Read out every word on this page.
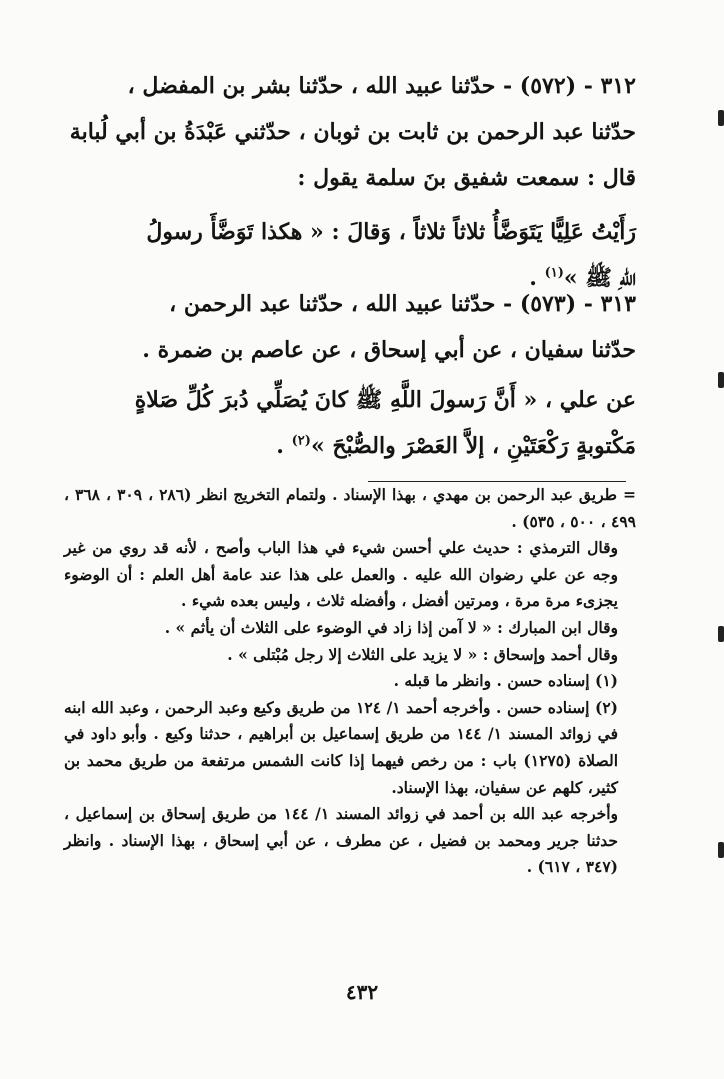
٣١٢ - (٥٧٢) - حدّثنا عبيد الله ، حدّثنا بشر بن المفضل ،

حدّثنا عبد الرحمن بن ثابت بن ثوبان ، حدّثني عَبْدَةُ بن أبي لُبابة

قال : سمعت شفيق بنَ سلمة يقول :

رَأَيْتُ عَلِيًّا يَتَوَضَّأُ ثلاثاً ثلاثاً ، وَقالَ : « هكذا تَوَضَّأَ رسولُ

اللّهِ ﷺ »$^{(١)}$ .

٣١٣ - (٥٧٣) - حدّثنا عبيد الله ، حدّثنا عبد الرحمن ،

حدّثنا سفيان ، عن أبي إسحاق ، عن عاصم بن ضمرة .

عن علي ، « أَنَّ رَسولَ اللَّهِ ﷺ كانَ يُصَلِّي دُبرَ كُلِّ صَلاةٍ

مَكْتوبةٍ رَكْعَتَيْنِ ، إلاَّ العَصْرَ والصُّبْحَ »$^{(٢)}$ .

= طريق عبد الرحمن بن مهدي ، بهذا الإسناد . ولتمام التخريج انظر (٢٨٦ ، ٣٠٩ ، ٣٦٨ ، ٤٩٩ ، ٥٠٠ ، ٥٣٥) .

وقال الترمذي : حديث علي أحسن شيء في هذا الباب وأصح ، لأنه قد روي من غير وجه عن علي رضوان الله عليه . والعمل على هذا عند عامة أهل العلم : أن الوضوء يجزىء مرة مرة ، ومرتين أفضل ، وأفضله ثلاث ، وليس بعده شيء .

وقال ابن المبارك : « لا آمن إذا زاد في الوضوء على الثلاث أن يأثم » .

وقال أحمد وإسحاق : « لا يزيد على الثلاث إلا رجل مُبْتلى » .

(١) إسناده حسن . وانظر ما قبله .

(٢) إسناده حسن . وأخرجه أحمد ١/ ١٢٤ من طريق وكيع وعبد الرحمن ، وعبد الله ابنه في زوائد المسند ١/ ١٤٤ من طريق إسماعيل بن أبراهيم ، حدثنا وكيع . وأبو داود في الصلاة (١٢٧٥) باب : من رخص فيهما إذا كانت الشمس مرتفعة من طريق محمد بن كثير، كلهم عن سفيان، بهذا الإسناد.

وأخرجه عبد الله بن أحمد في زوائد المسند ١/ ١٤٤ من طريق إسحاق بن إسماعيل ، حدثنا جرير ومحمد بن فضيل ، عن مطرف ، عن أبي إسحاق ، بهذا الإسناد . وانظر (٣٤٧ ، ٦١٧) .

٤٣٢
